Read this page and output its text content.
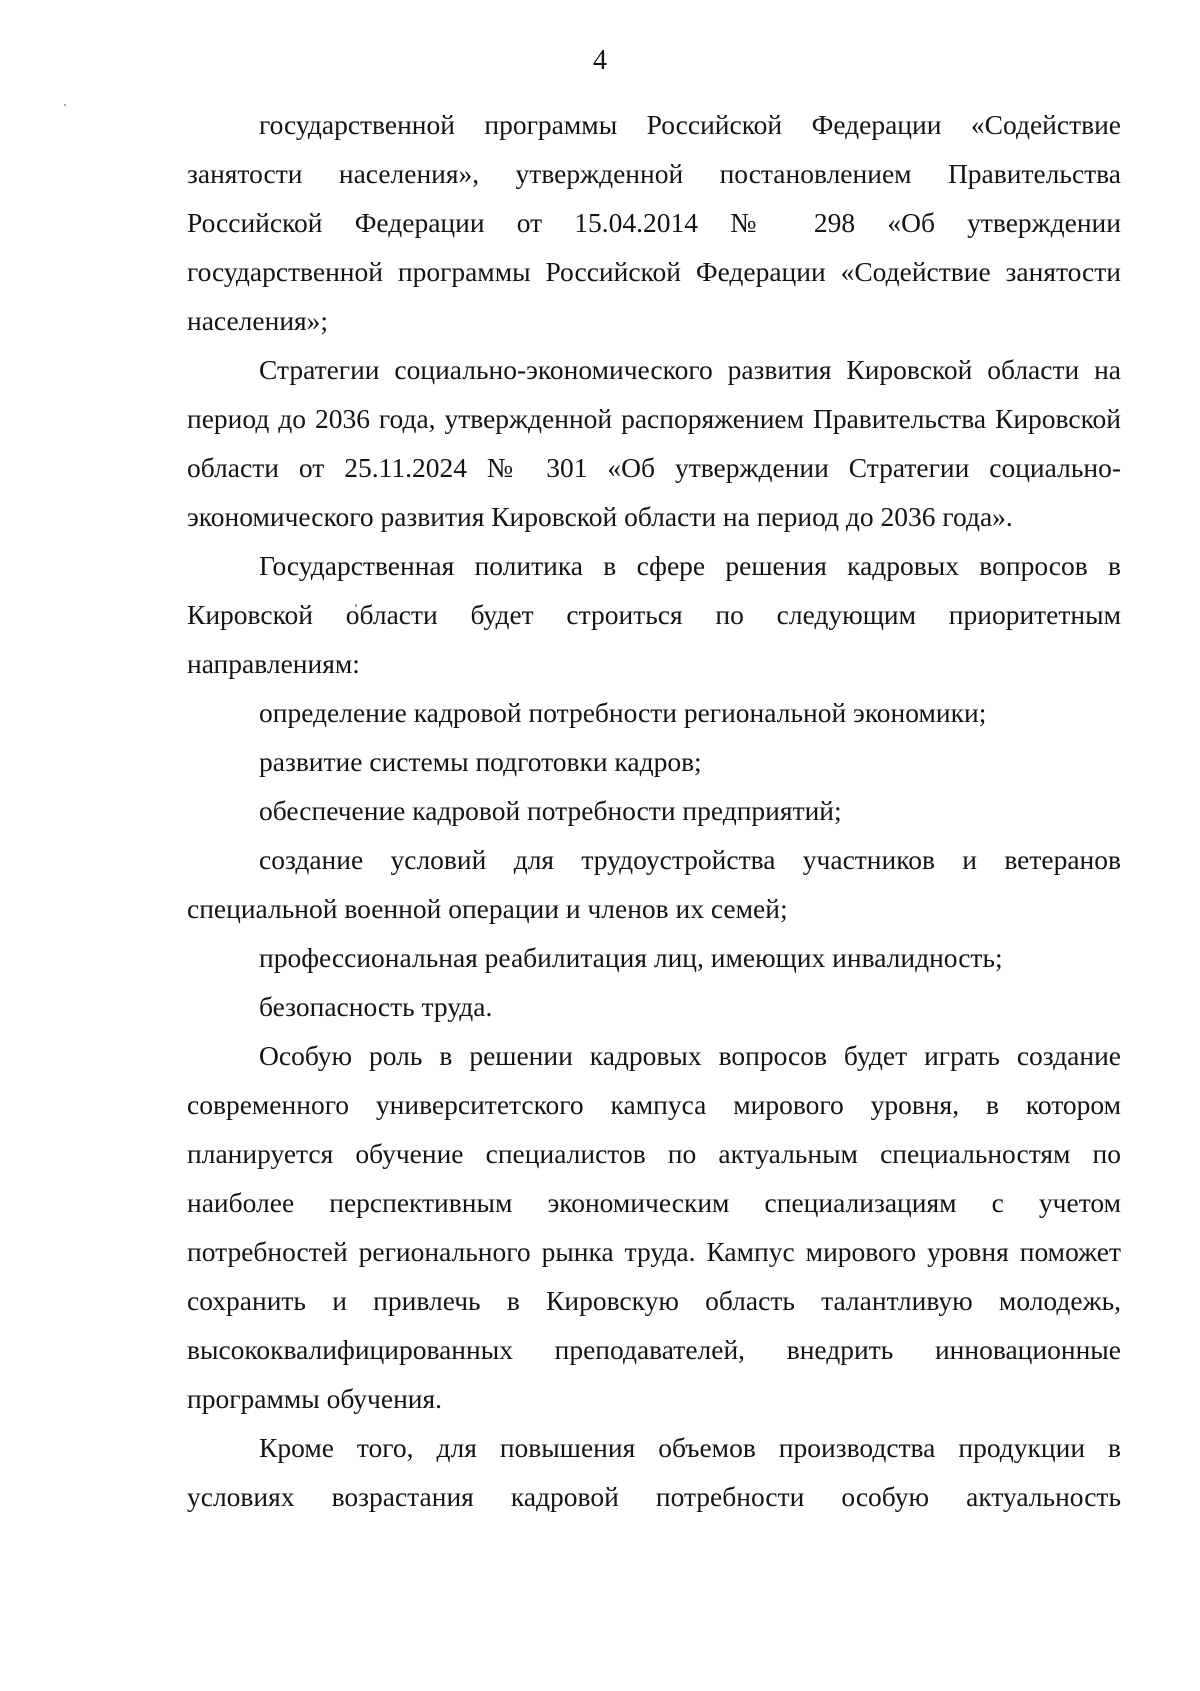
4

государственной программы Российской Федерации «Содействие занятости населения», утвержденной постановлением Правительства Российской Федерации от 15.04.2014 № 298 «Об утверждении государственной программы Российской Федерации «Содействие занятости населения»;

Стратегии социально-экономического развития Кировской области на период до 2036 года, утвержденной распоряжением Правительства Кировской области от 25.11.2024 № 301 «Об утверждении Стратегии социально-экономического развития Кировской области на период до 2036 года».

Государственная политика в сфере решения кадровых вопросов в Кировской области будет строиться по следующим приоритетным направлениям:

определение кадровой потребности региональной экономики;

развитие системы подготовки кадров;

обеспечение кадровой потребности предприятий;

создание условий для трудоустройства участников и ветеранов специальной военной операции и членов их семей;

профессиональная реабилитация лиц, имеющих инвалидность;

безопасность труда.

Особую роль в решении кадровых вопросов будет играть создание современного университетского кампуса мирового уровня, в котором планируется обучение специалистов по актуальным специальностям по наиболее перспективным экономическим специализациям с учетом потребностей регионального рынка труда. Кампус мирового уровня поможет сохранить и привлечь в Кировскую область талантливую молодежь, высококвалифицированных преподавателей, внедрить инновационные программы обучения.

Кроме того, для повышения объемов производства продукции в условиях возрастания кадровой потребности особую актуальность
